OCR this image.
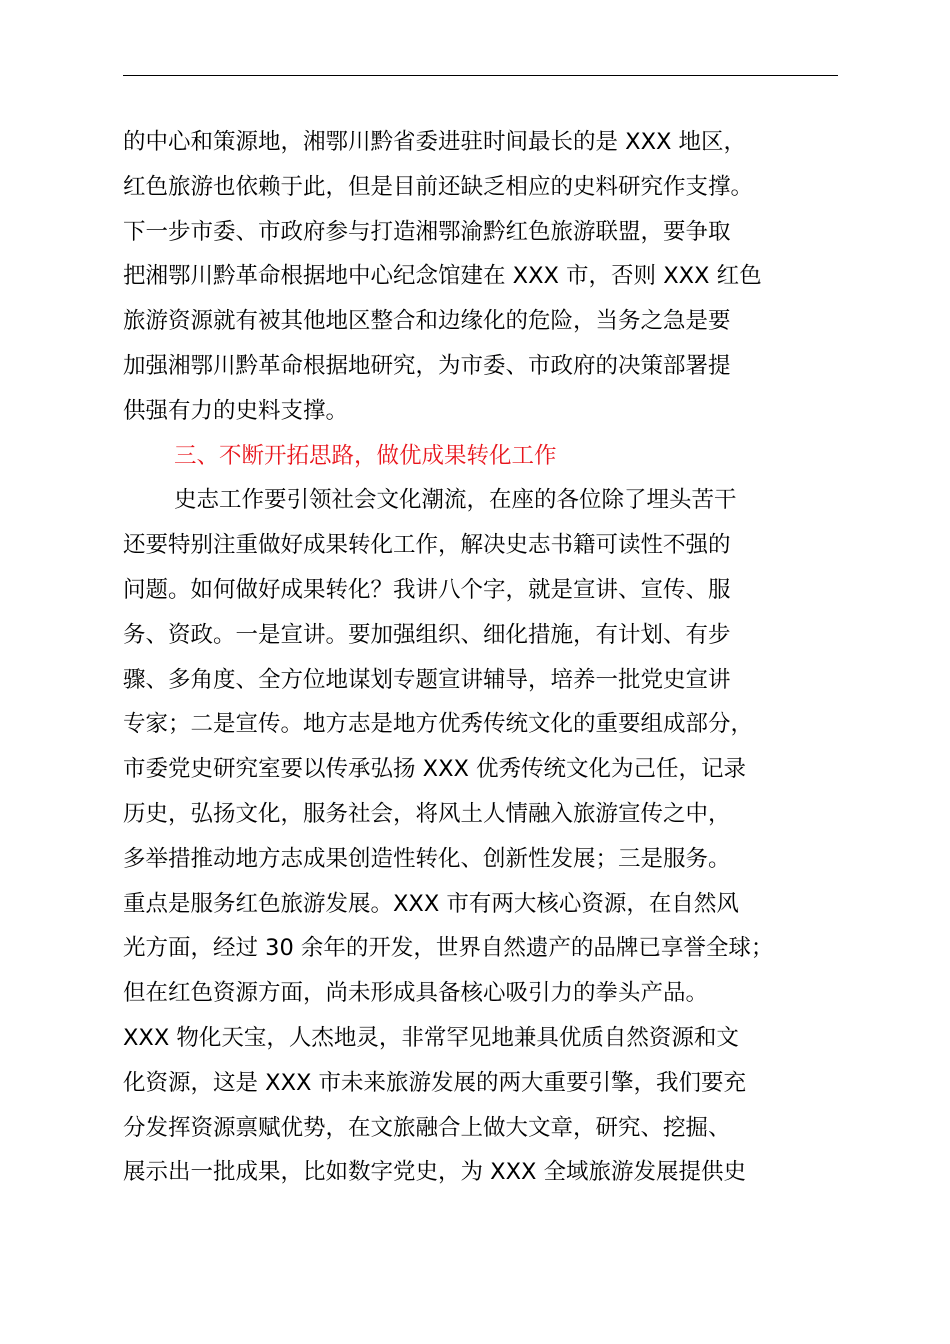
的中心和策源地，湘鄂川黔省委进驻时间最长的是 XXX 地区，
红色旅游也依赖于此，但是目前还缺乏相应的史料研究作支撑。
下一步市委、市政府参与打造湘鄂渝黔红色旅游联盟，要争取
把湘鄂川黔革命根据地中心纪念馆建在 XXX 市，否则 XXX 红色
旅游资源就有被其他地区整合和边缘化的危险，当务之急是要
加强湘鄂川黔革命根据地研究，为市委、市政府的决策部署提
供强有力的史料支撑。
三、不断开拓思路，做优成果转化工作
史志工作要引领社会文化潮流，在座的各位除了埋头苦干
还要特别注重做好成果转化工作，解决史志书籍可读性不强的
问题。如何做好成果转化？我讲八个字，就是宣讲、宣传、服
务、资政。一是宣讲。要加强组织、细化措施，有计划、有步
骤、多角度、全方位地谋划专题宣讲辅导，培养一批党史宣讲
专家；二是宣传。地方志是地方优秀传统文化的重要组成部分，
市委党史研究室要以传承弘扬 XXX 优秀传统文化为己任，记录
历史，弘扬文化，服务社会，将风土人情融入旅游宣传之中，
多举措推动地方志成果创造性转化、创新性发展；三是服务。
重点是服务红色旅游发展。XXX 市有两大核心资源，在自然风
光方面，经过 30 余年的开发，世界自然遗产的品牌已享誉全球；
但在红色资源方面，尚未形成具备核心吸引力的拳头产品。
XXX 物化天宝，人杰地灵，非常罕见地兼具优质自然资源和文
化资源，这是 XXX 市未来旅游发展的两大重要引擎，我们要充
分发挥资源禀赋优势，在文旅融合上做大文章，研究、挖掘、
展示出一批成果，比如数字党史，为 XXX 全域旅游发展提供史
